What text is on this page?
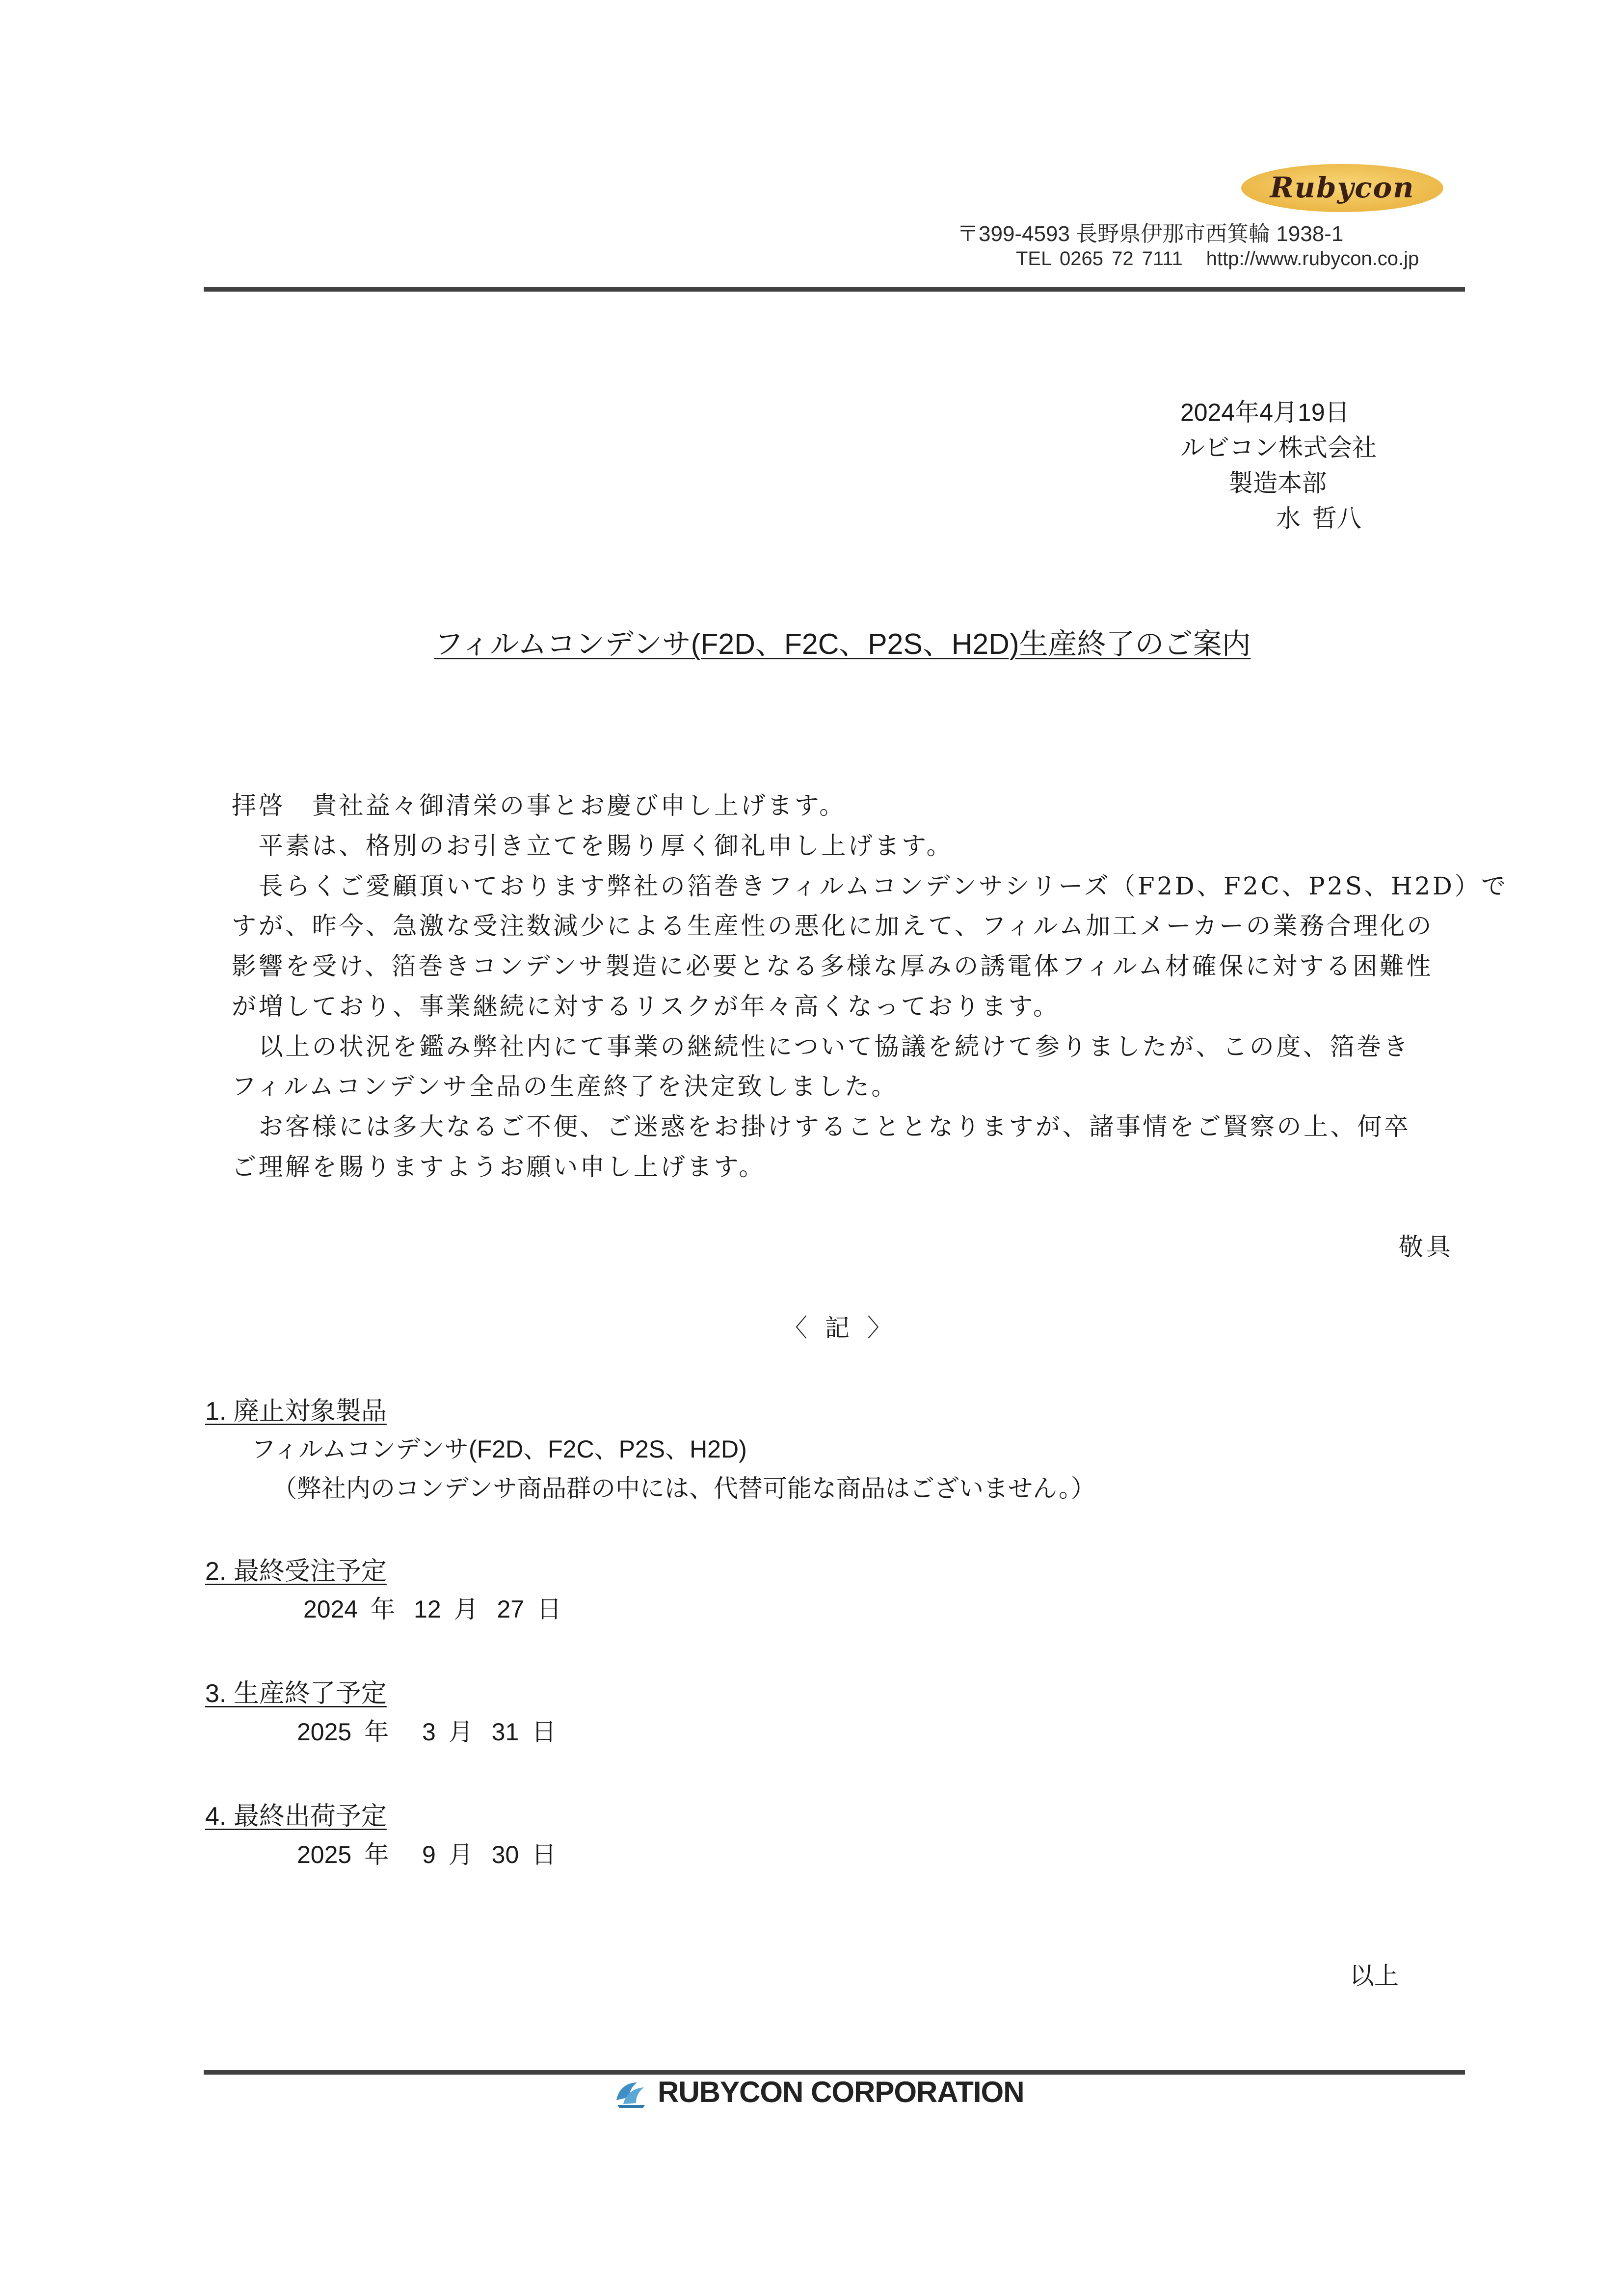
Rubycon
〒399-4593 長野県伊那市西箕輪 1938-1
TEL 0265 72 7111 http://www.rubycon.co.jp
2024年4月19日
ルビコン株式会社
製造本部
水 哲八
フィルムコンデンサ(F2D、F2C、P2S、H2D)生産終了のご案内
拝啓　貴社益々御清栄の事とお慶び申し上げます。
　平素は、格別のお引き立てを賜り厚く御礼申し上げます。
　長らくご愛顧頂いております弊社の箔巻きフィルムコンデンサシリーズ（F2D、F2C、P2S、H2D）で
すが、昨今、急激な受注数減少による生産性の悪化に加えて、フィルム加工メーカーの業務合理化の
影響を受け、箔巻きコンデンサ製造に必要となる多様な厚みの誘電体フィルム材確保に対する困難性
が増しており、事業継続に対するリスクが年々高くなっております。
　以上の状況を鑑み弊社内にて事業の継続性について協議を続けて参りましたが、この度、箔巻き
フィルムコンデンサ全品の生産終了を決定致しました。
　お客様には多大なるご不便、ご迷惑をお掛けすることとなりますが、諸事情をご賢察の上、何卒
ご理解を賜りますようお願い申し上げます。
敬具
〈 記 〉
1. 廃止対象製品
フィルムコンデンサ(F2D、F2C、P2S、H2D)
（弊社内のコンデンサ商品群の中には、代替可能な商品はございません。）
2. 最終受注予定
2024 年 12 月 27 日
3. 生産終了予定
2025 年 3 月 31 日
4. 最終出荷予定
2025 年 9 月 30 日
以上
RUBYCON CORPORATION
